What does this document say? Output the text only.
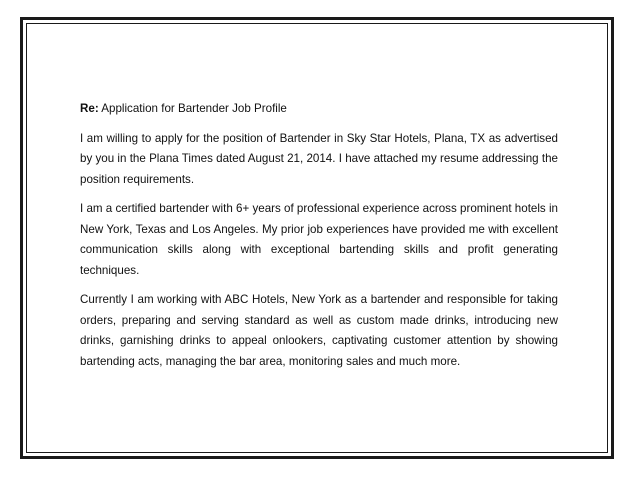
Re: Application for Bartender Job Profile

I am willing to apply for the position of Bartender in Sky Star Hotels, Plana, TX as advertised by you in the Plana Times dated August 21, 2014. I have attached my resume addressing the position requirements.

I am a certified bartender with 6+ years of professional experience across prominent hotels in New York, Texas and Los Angeles. My prior job experiences have provided me with excellent communication skills along with exceptional bartending skills and profit generating techniques.

Currently I am working with ABC Hotels, New York as a bartender and responsible for taking orders, preparing and serving standard as well as custom made drinks, introducing new drinks, garnishing drinks to appeal onlookers, captivating customer attention by showing bartending acts, managing the bar area, monitoring sales and much more.
